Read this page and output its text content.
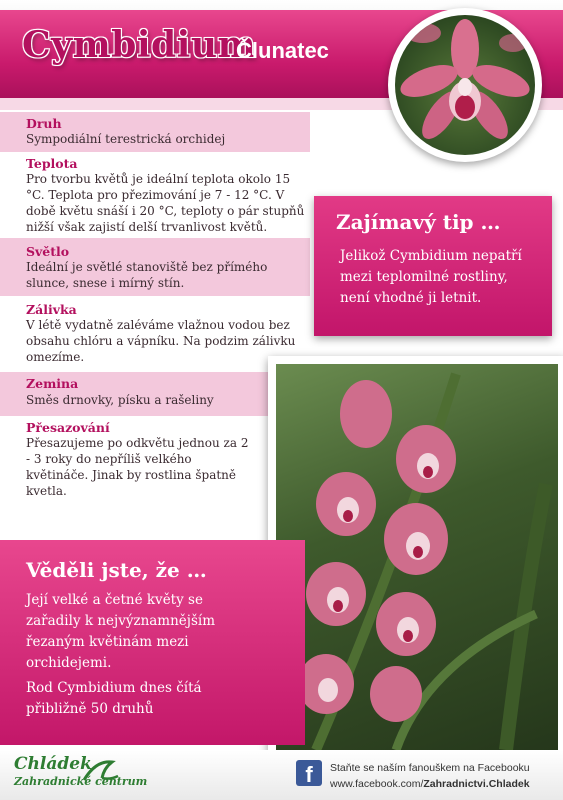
Cymbidium
Člunatec
Druh
Sympodiální terestrická orchidej
Teplota
Pro tvorbu květů je ideální teplota okolo 15 °C. Teplota pro přezimování je 7 - 12 °C. V době květu snáší i 20 °C, teploty o pár stupňů nižší však zajistí delší trvanlivost květů.
Světlo
Ideální je světlé stanoviště bez přímého slunce, snese i mírný stín.
Zálivka
V létě vydatně zaléváme vlažnou vodou bez obsahu chlóru a vápníku. Na podzim zálivku omezíme.
Zemina
Směs drnovky, písku a rašeliny
Přesazování
Přesazujeme po odkvětu jednou za 2 - 3 roky do nepříliš velkého květináče. Jinak by rostlina špatně kvetla.
Zajímavý tip …
Jelikož Cymbidium nepatří mezi teplomilné rostliny, není vhodné ji letnit.
Věděli jste, že …
Její velké a četné květy se zařadily k nejvýznamnějším řezaným květinám mezi orchidejemi.
Rod Cymbidium dnes čítá přibližně 50 druhů
Chládek
Zahradnické centrum	f	Staňte se naším fanouškem na Facebooku
www.facebook.com/Zahradnictvi.Chladek
